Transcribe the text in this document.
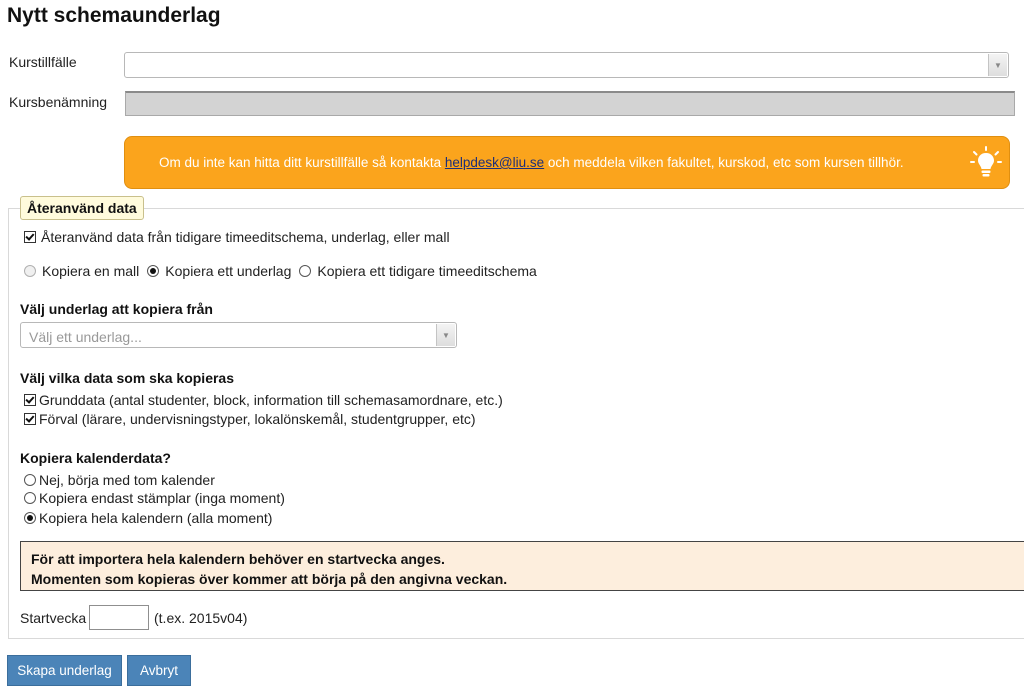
Nytt schemaunderlag
Kurstillfälle	▼
Kursbenämning
Om du inte kan hitta ditt kurstillfälle så kontakta helpdesk@liu.se och meddela vilken fakultet, kurskod, etc som kursen tillhör.
Återanvänd data
Återanvänd data från tidigare timeeditschema, underlag, eller mall
Kopiera en mall Kopiera ett underlag Kopiera ett tidigare timeeditschema
Välj underlag att kopiera från
Välj ett underlag...	▼
Välj vilka data som ska kopieras
Grunddata (antal studenter, block, information till schemasamordnare, etc.)
Förval (lärare, undervisningstyper, lokalönskemål, studentgrupper, etc)
Kopiera kalenderdata?
Nej, börja med tom kalender
Kopiera endast stämplar (inga moment)
Kopiera hela kalendern (alla moment)
För att importera hela kalendern behöver en startvecka anges.
Momenten som kopieras över kommer att börja på den angivna veckan.
Startvecka	(t.ex. 2015v04)
Skapa underlag	Avbryt
